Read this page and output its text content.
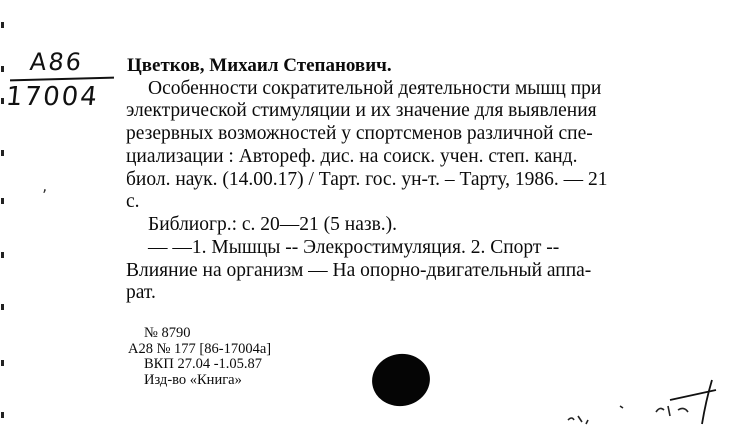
A86
17004
ʼ
Цветков, Михаил Степанович.
Особенности сократительной деятельности мышц при
электрической стимуляции и их значение для выявления
резервных возможностей у спортсменов различной спе-
циализации : Автореф. дис. на соиск. учен. степ. канд.
биол. наук. (14.00.17) / Тарт. гос. ун-т. – Тарту, 1986. — 21
с.
Библиогр.: с. 20—21 (5 назв.).
— —1. Мышцы -- Элекростимуляция. 2. Спорт --
Влияние на организм — На опорно-двигательный аппа-
рат.
№ 8790
A28 № 177 [86-17004a]
ВКП 27.04 -1.05.87
Изд-во «Книга»
